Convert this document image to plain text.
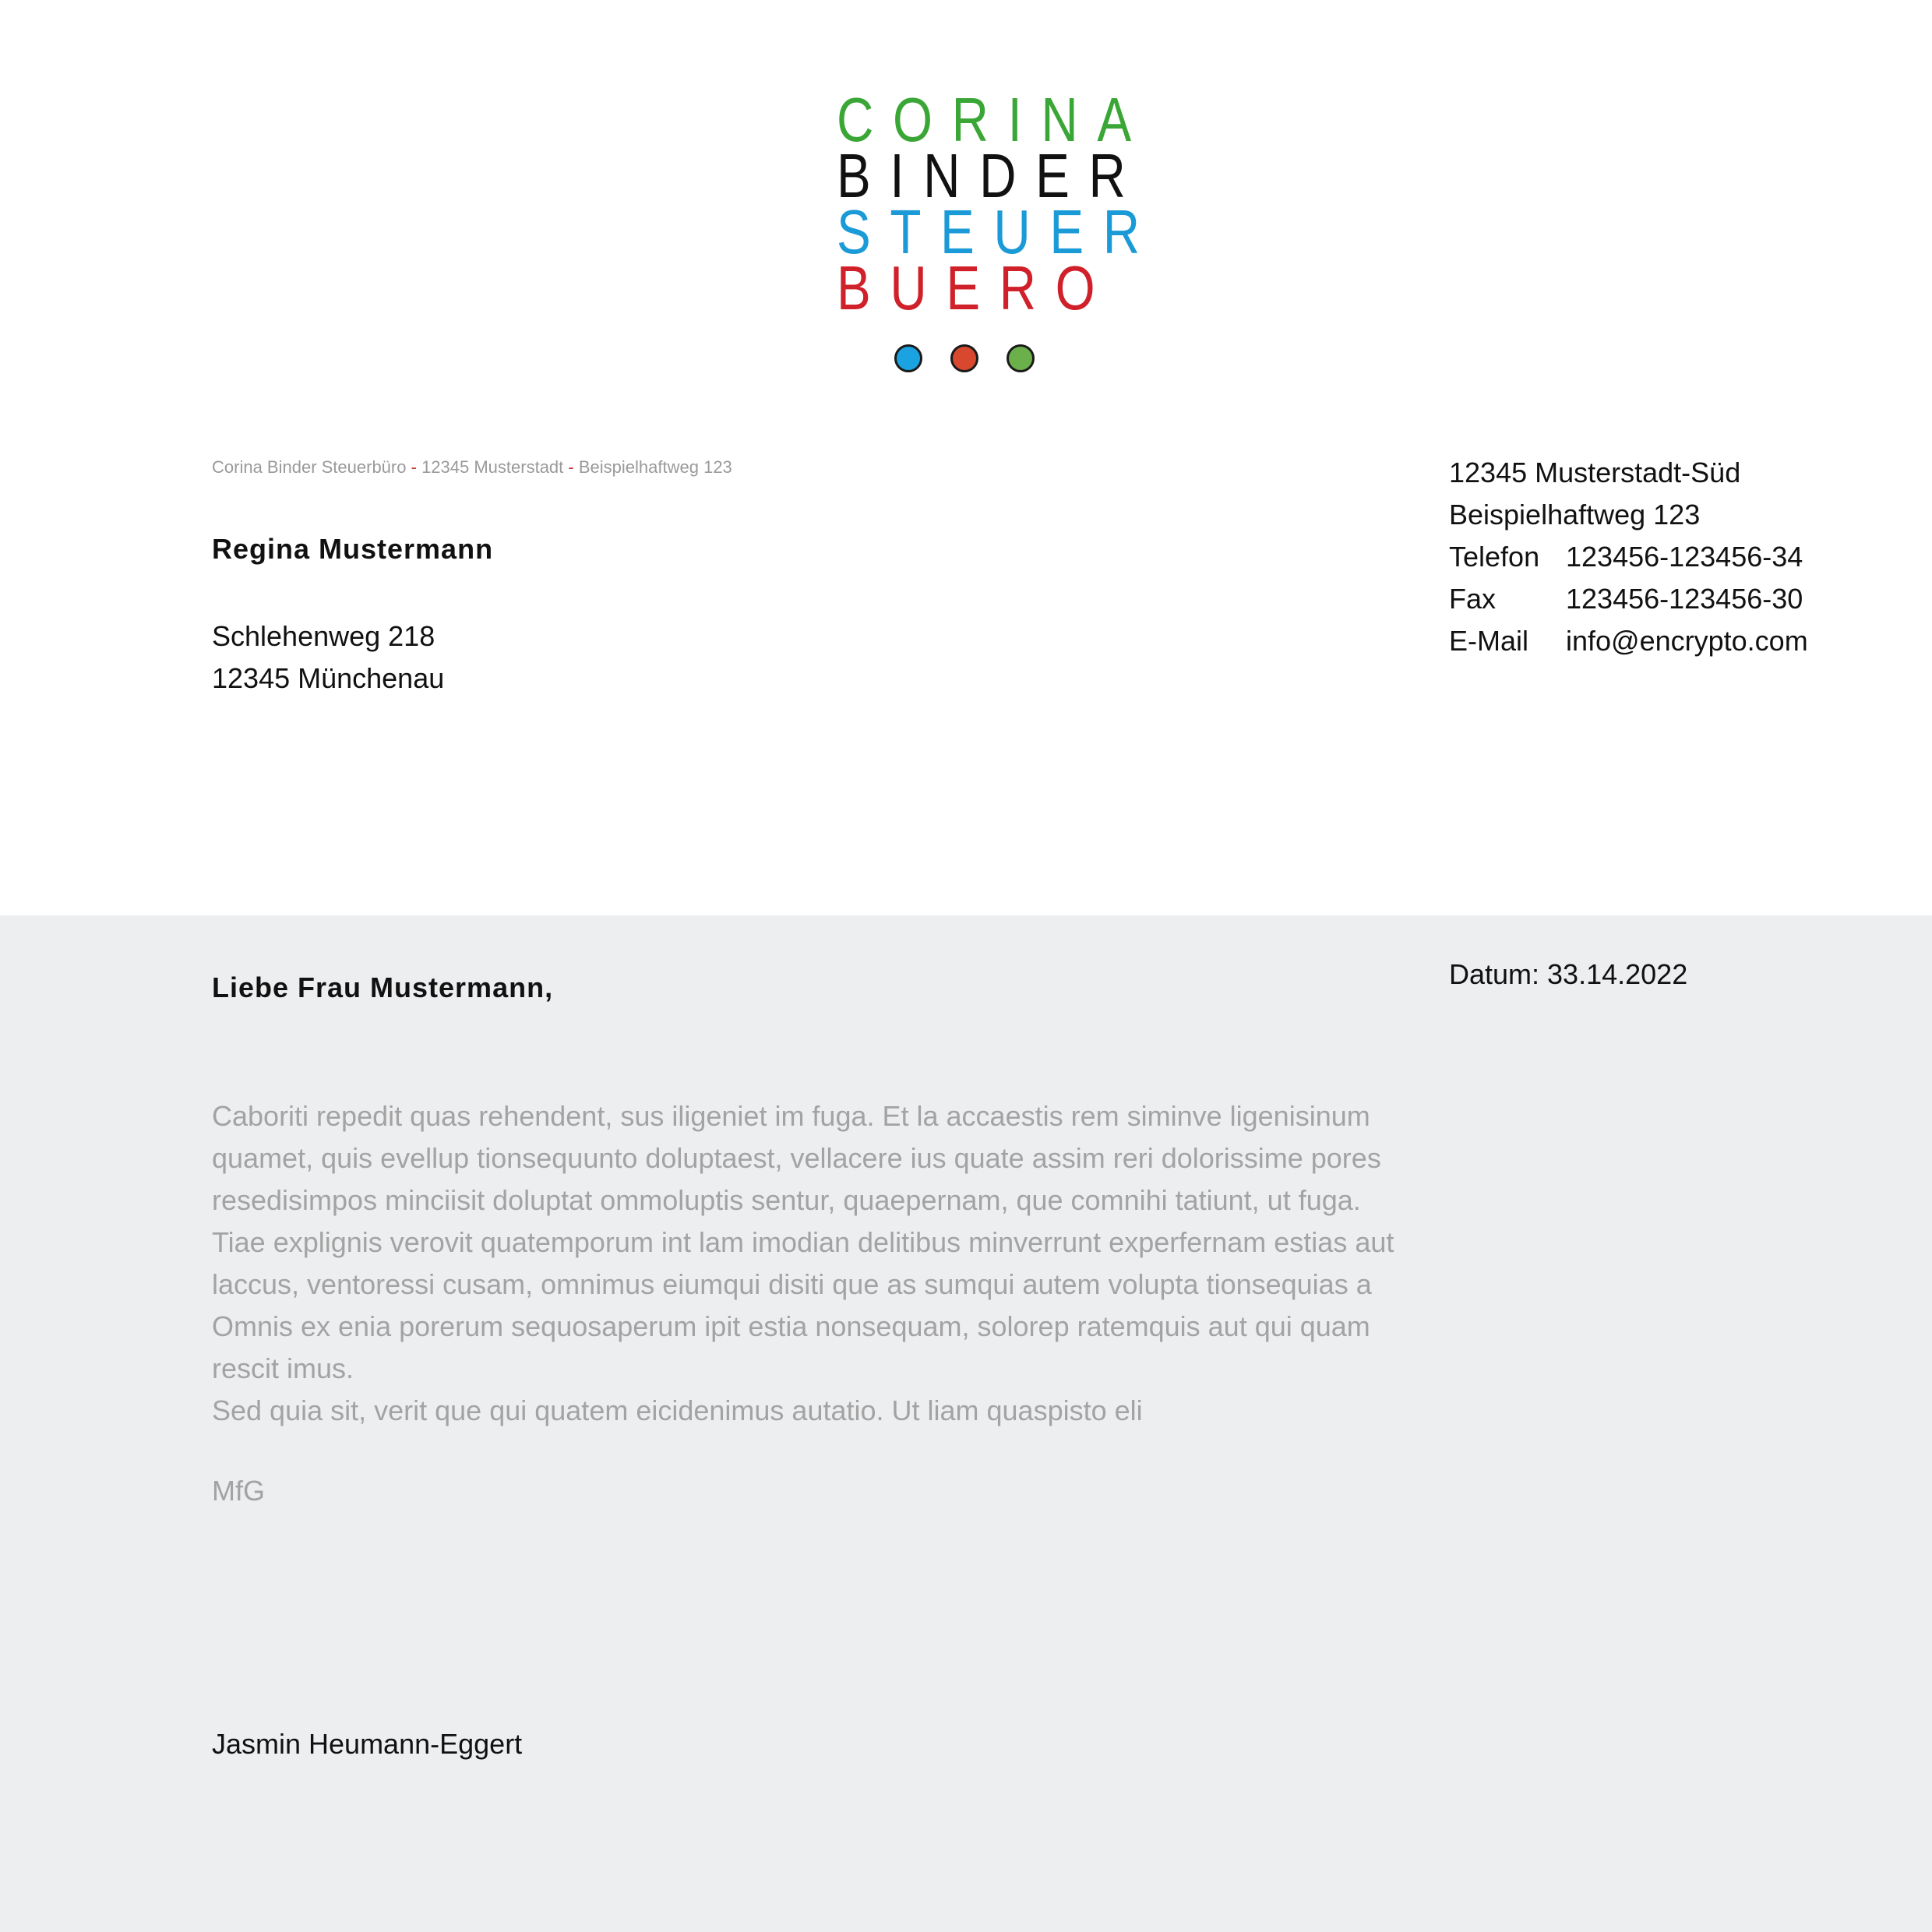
CORINA
BINDER
STEUER
BUERO
Corina Binder Steuerbüro - 12345 Musterstadt - Beispielhaftweg 123
Regina Mustermann
Schlehenweg 218
12345 Münchenau
12345 Musterstadt-Süd
Beispielhaftweg 123
Telefon 123456-123456-34
Fax 123456-123456-30
E-Mail info@encrypto.com
Liebe Frau Mustermann,	Datum: 33.14.2022
Caboriti repedit quas rehendent, sus iligeniet im fuga. Et la accaestis rem siminve ligenisinum
quamet, quis evellup tionsequunto doluptaest, vellacere ius quate assim reri dolorissime pores
resedisimpos minciisit doluptat ommoluptis sentur, quaepernam, que comnihi tatiunt, ut fuga.
Tiae explignis verovit quatemporum int lam imodian delitibus minverrunt experfernam estias aut
laccus, ventoressi cusam, omnimus eiumqui disiti que as sumqui autem volupta tionsequias a
Omnis ex enia porerum sequosaperum ipit estia nonsequam, solorep ratemquis aut qui quam
rescit imus.
Sed quia sit, verit que qui quatem eicidenimus autatio. Ut liam quaspisto eli
MfG
Jasmin Heumann-Eggert
